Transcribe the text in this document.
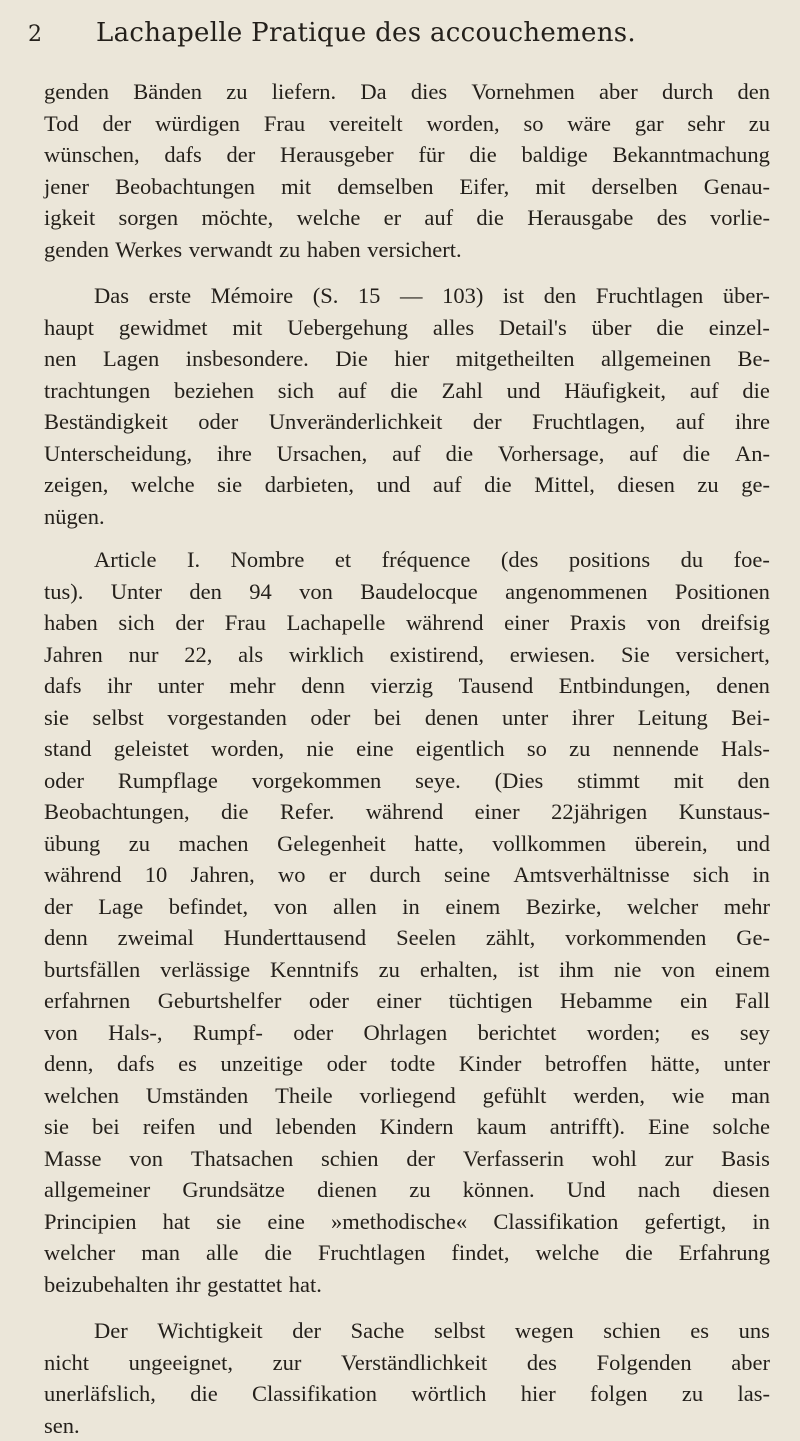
2	Lachapelle Pratique des accouchemens.
genden Bänden zu liefern. Da dies Vornehmen aber durch den
Tod der würdigen Frau vereitelt worden, so wäre gar sehr zu
wünschen, dafs der Herausgeber für die baldige Bekanntmachung
jener Beobachtungen mit demselben Eifer, mit derselben Genau-
igkeit sorgen möchte, welche er auf die Herausgabe des vorlie-
genden Werkes verwandt zu haben versichert.
Das erste Mémoire (S. 15 — 103) ist den Fruchtlagen über-
haupt gewidmet mit Uebergehung alles Detail's über die einzel-
nen Lagen insbesondere. Die hier mitgetheilten allgemeinen Be-
trachtungen beziehen sich auf die Zahl und Häufigkeit, auf die
Beständigkeit oder Unveränderlichkeit der Fruchtlagen, auf ihre
Unterscheidung, ihre Ursachen, auf die Vorhersage, auf die An-
zeigen, welche sie darbieten, und auf die Mittel, diesen zu ge-
nügen.
Article I. Nombre et fréquence (des positions du foe-
tus). Unter den 94 von Baudelocque angenommenen Positionen
haben sich der Frau Lachapelle während einer Praxis von dreifsig
Jahren nur 22, als wirklich existirend, erwiesen. Sie versichert,
dafs ihr unter mehr denn vierzig Tausend Entbindungen, denen
sie selbst vorgestanden oder bei denen unter ihrer Leitung Bei-
stand geleistet worden, nie eine eigentlich so zu nennende Hals-
oder Rumpflage vorgekommen seye. (Dies stimmt mit den
Beobachtungen, die Refer. während einer 22jährigen Kunstaus-
übung zu machen Gelegenheit hatte, vollkommen überein, und
während 10 Jahren, wo er durch seine Amtsverhältnisse sich in
der Lage befindet, von allen in einem Bezirke, welcher mehr
denn zweimal Hunderttausend Seelen zählt, vorkommenden Ge-
burtsfällen verlässige Kenntnifs zu erhalten, ist ihm nie von einem
erfahrnen Geburtshelfer oder einer tüchtigen Hebamme ein Fall
von Hals-, Rumpf- oder Ohrlagen berichtet worden; es sey
denn, dafs es unzeitige oder todte Kinder betroffen hätte, unter
welchen Umständen Theile vorliegend gefühlt werden, wie man
sie bei reifen und lebenden Kindern kaum antrifft). Eine solche
Masse von Thatsachen schien der Verfasserin wohl zur Basis
allgemeiner Grundsätze dienen zu können. Und nach diesen
Principien hat sie eine »methodische« Classifikation gefertigt, in
welcher man alle die Fruchtlagen findet, welche die Erfahrung
beizubehalten ihr gestattet hat.
Der Wichtigkeit der Sache selbst wegen schien es uns
nicht ungeeignet, zur Verständlichkeit des Folgenden aber
unerläfslich, die Classifikation wörtlich hier folgen zu las-
sen.
